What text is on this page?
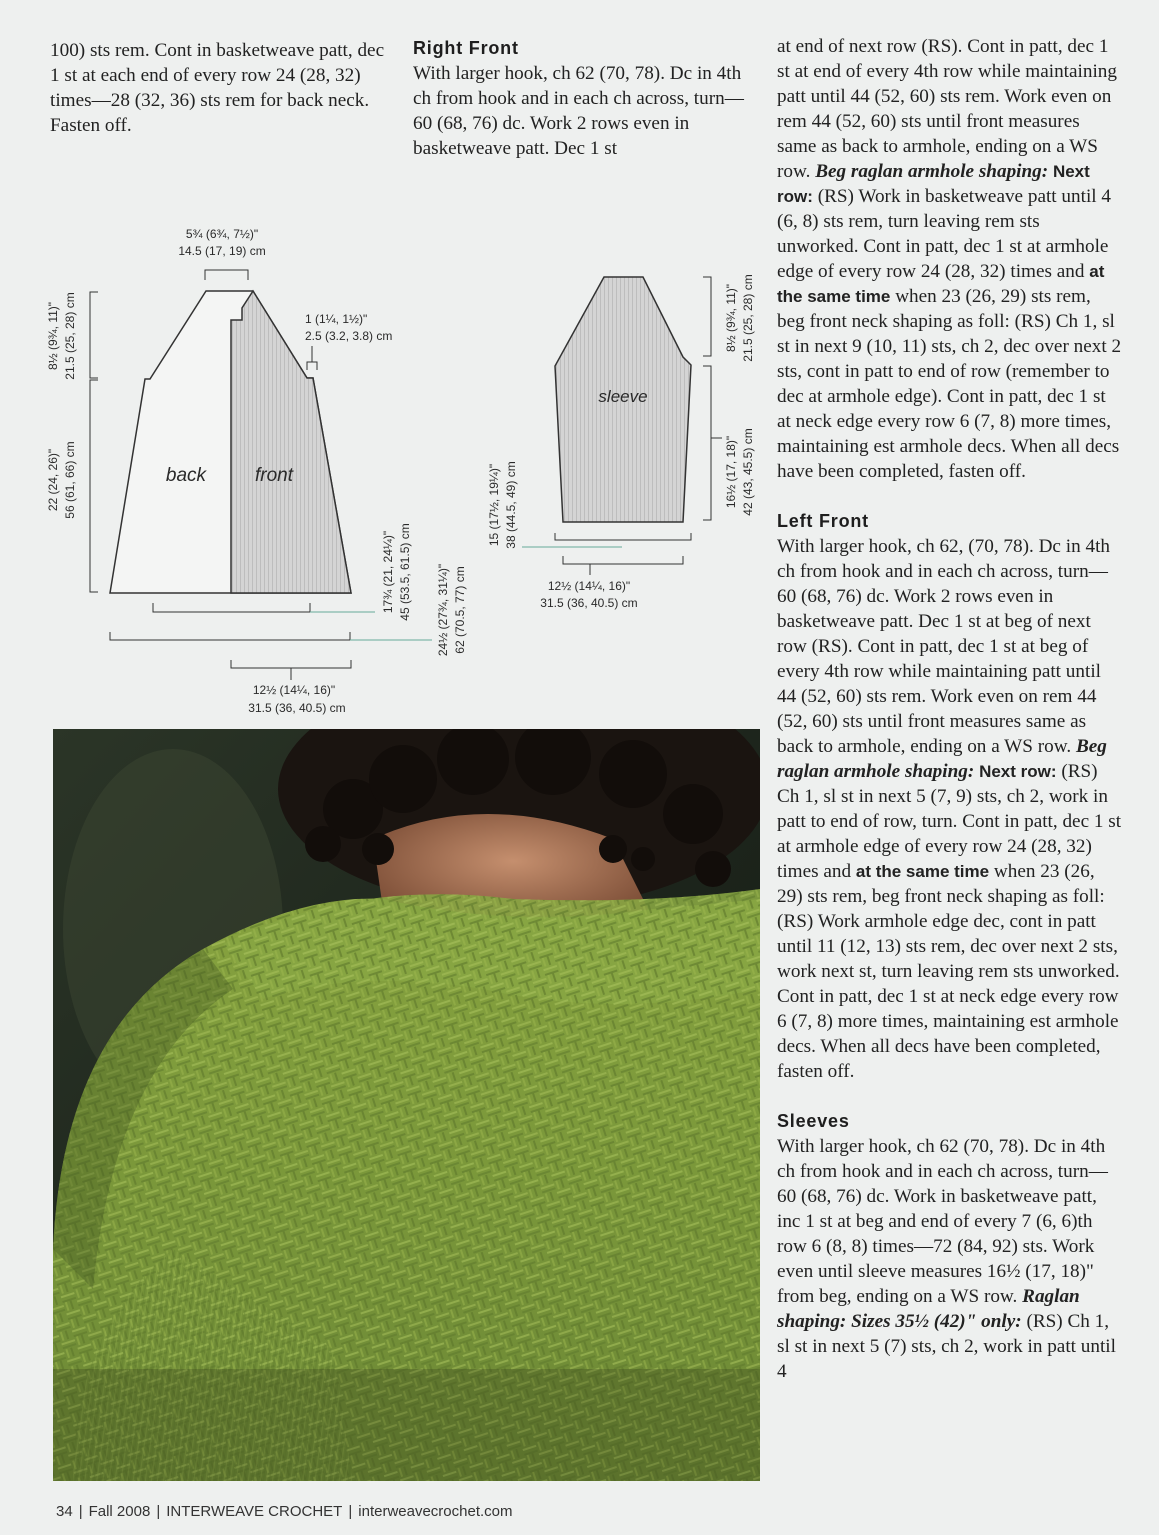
100) sts rem. Cont in basketweave patt, dec 1 st at each end of every row 24 (28, 32) times—28 (32, 36) sts rem for back neck. Fasten off.

Right Front

With larger hook, ch 62 (70, 78). Dc in 4th ch from hook and in each ch across, turn—60 (68, 76) dc. Work 2 rows even in basketweave patt. Dec 1 st

at end of next row (RS). Cont in patt, dec 1 st at end of every 4th row while maintaining patt until 44 (52, 60) sts rem. Work even on rem 44 (52, 60) sts until front measures same as back to armhole, ending on a WS row. Beg raglan armhole shaping: Next row: (RS) Work in basketweave patt until 4 (6, 8) sts rem, turn leaving rem sts unworked. Cont in patt, dec 1 st at armhole edge of every row 24 (28, 32) times and at the same time when 23 (26, 29) sts rem, beg front neck shaping as foll: (RS) Ch 1, sl st in next 9 (10, 11) sts, ch 2, dec over next 2 sts, cont in patt to end of row (remember to dec at armhole edge). Cont in patt, dec 1 st at neck edge every row 6 (7, 8) more times, maintaining est armhole decs. When all decs have been completed, fasten off.

Left Front

With larger hook, ch 62, (70, 78). Dc in 4th ch from hook and in each ch across, turn—60 (68, 76) dc. Work 2 rows even in basketweave patt. Dec 1 st at beg of next row (RS). Cont in patt, dec 1 st at beg of every 4th row while maintaining patt until 44 (52, 60) sts rem. Work even on rem 44 (52, 60) sts until front measures same as back to armhole, ending on a WS row. Beg raglan armhole shaping: Next row: (RS) Ch 1, sl st in next 5 (7, 9) sts, ch 2, work in patt to end of row, turn. Cont in patt, dec 1 st at armhole edge of every row 24 (28, 32) times and at the same time when 23 (26, 29) sts rem, beg front neck shaping as foll: (RS) Work armhole edge dec, cont in patt until 11 (12, 13) sts rem, dec over next 2 sts, work next st, turn leaving rem sts unworked. Cont in patt, dec 1 st at neck edge every row 6 (7, 8) more times, maintaining est armhole decs. When all decs have been completed, fasten off.

Sleeves

With larger hook, ch 62 (70, 78). Dc in 4th ch from hook and in each ch across, turn—60 (68, 76) dc. Work in basketweave patt, inc 1 st at beg and end of every 7 (6, 6)th row 6 (8, 8) times—72 (84, 92) sts. Work even until sleeve measures 16½ (17, 18)" from beg, ending on a WS row. Raglan shaping: Sizes 35½ (42)" only: (RS) Ch 1, sl st in next 5 (7) sts, ch 2, work in patt until 4

back	front
5¾ (6¾, 7½)"
14.5 (17, 19) cm
1 (1¼, 1½)"
2.5 (3.2, 3.8) cm
8½ (9¾, 11)" 21.5 (25, 28) cm
22 (24, 26)" 56 (61, 66) cm
17¾ (21, 24¼)" 45 (53.5, 61.5) cm 24½ (27¾, 31¼)" 62 (70.5, 77) cm
12½ (14¼, 16)"
31.5 (36, 40.5) cm
sleeve
8½ (9¾, 11)" 21.5 (25, 28) cm
16½ (17, 18)" 42 (43, 45.5) cm
15 (17½, 19¼)" 38 (44.5, 49) cm
12½ (14¼, 16)"
31.5 (36, 40.5) cm
34 | Fall 2008 | INTERWEAVE CROCHET | interweavecrochet.com
